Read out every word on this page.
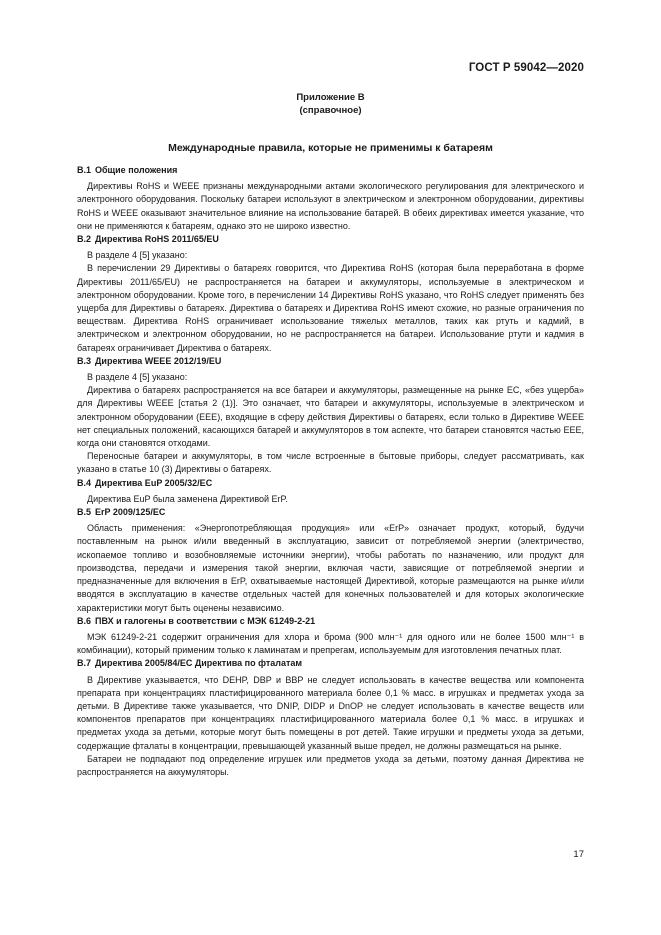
ГОСТ Р 59042—2020
Приложение В
(справочное)
Международные правила, которые не применимы к батареям
В.1 Общие положения

Директивы RoHS и WEEE признаны международными актами экологического регулирования для электрического и электронного оборудования. Поскольку батареи используют в электрическом и электронном оборудовании, директивы RoHS и WEEE оказывают значительное влияние на использование батарей. В обеих директивах имеется указание, что они не применяются к батареям, однако это не широко известно.

В.2 Директива RoHS 2011/65/EU

В разделе 4 [5] указано:

В перечислении 29 Директивы о батареях говорится, что Директива RoHS (которая была переработана в форме Директивы 2011/65/EU) не распространяется на батареи и аккумуляторы, используемые в электрическом и электронном оборудовании. Кроме того, в перечислении 14 Директивы RoHS указано, что RoHS следует применять без ущерба для Директивы о батареях. Директива о батареях и Директива RoHS имеют схожие, но разные ограничения по веществам. Директива RoHS ограничивает использование тяжелых металлов, таких как ртуть и кадмий, в электрическом и электронном оборудовании, но не распространяется на батареи. Использование ртути и кадмия в батареях ограничивает Директива о батареях.

В.3 Директива WEEE 2012/19/EU

В разделе 4 [5] указано:

Директива о батареях распространяется на все батареи и аккумуляторы, размещенные на рынке ЕС, «без ущерба» для Директивы WEEE [статья 2 (1)]. Это означает, что батареи и аккумуляторы, используемые в электрическом и электронном оборудовании (EEE), входящие в сферу действия Директивы о батареях, если только в Директиве WEEE нет специальных положений, касающихся батарей и аккумуляторов в том аспекте, что батареи становятся частью EEE, когда они становятся отходами.

Переносные батареи и аккумуляторы, в том числе встроенные в бытовые приборы, следует рассматривать, как указано в статье 10 (3) Директивы о батареях.

В.4 Директива EuP 2005/32/EC

Директива EuP была заменена Директивой ErP.

В.5 ErP 2009/125/EC

Область применения: «Энергопотребляющая продукция» или «ErP» означает продукт, который, будучи поставленным на рынок и/или введенный в эксплуатацию, зависит от потребляемой энергии (электричество, ископаемое топливо и возобновляемые источники энергии), чтобы работать по назначению, или продукт для производства, передачи и измерения такой энергии, включая части, зависящие от потребляемой энергии и предназначенные для включения в ErP, охватываемые настоящей Директивой, которые размещаются на рынке и/или вводятся в эксплуатацию в качестве отдельных частей для конечных пользователей и для которых экологические характеристики могут быть оценены независимо.

В.6 ПВХ и галогены в соответствии с МЭК 61249-2-21

МЭК 61249-2-21 содержит ограничения для хлора и брома (900 млн⁻¹ для одного или не более 1500 млн⁻¹ в комбинации), который применим только к ламинатам и препрегам, используемым для изготовления печатных плат.

В.7 Директива 2005/84/EC Директива по фталатам

В Директиве указывается, что DEHP, DBP и BBP не следует использовать в качестве вещества или компонента препарата при концентрациях пластифицированного материала более 0,1 % масс. в игрушках и предметах ухода за детьми. В Директиве также указывается, что DNIP, DIDP и DnOP не следует использовать в качестве веществ или компонентов препаратов при концентрациях пластифицированного материала более 0,1 % масс. в игрушках и предметах ухода за детьми, которые могут быть помещены в рот детей. Такие игрушки и предметы ухода за детьми, содержащие фталаты в концентрации, превышающей указанный выше предел, не должны размещаться на рынке.

Батареи не подпадают под определение игрушек или предметов ухода за детьми, поэтому данная Директива не распространяется на аккумуляторы.

17
